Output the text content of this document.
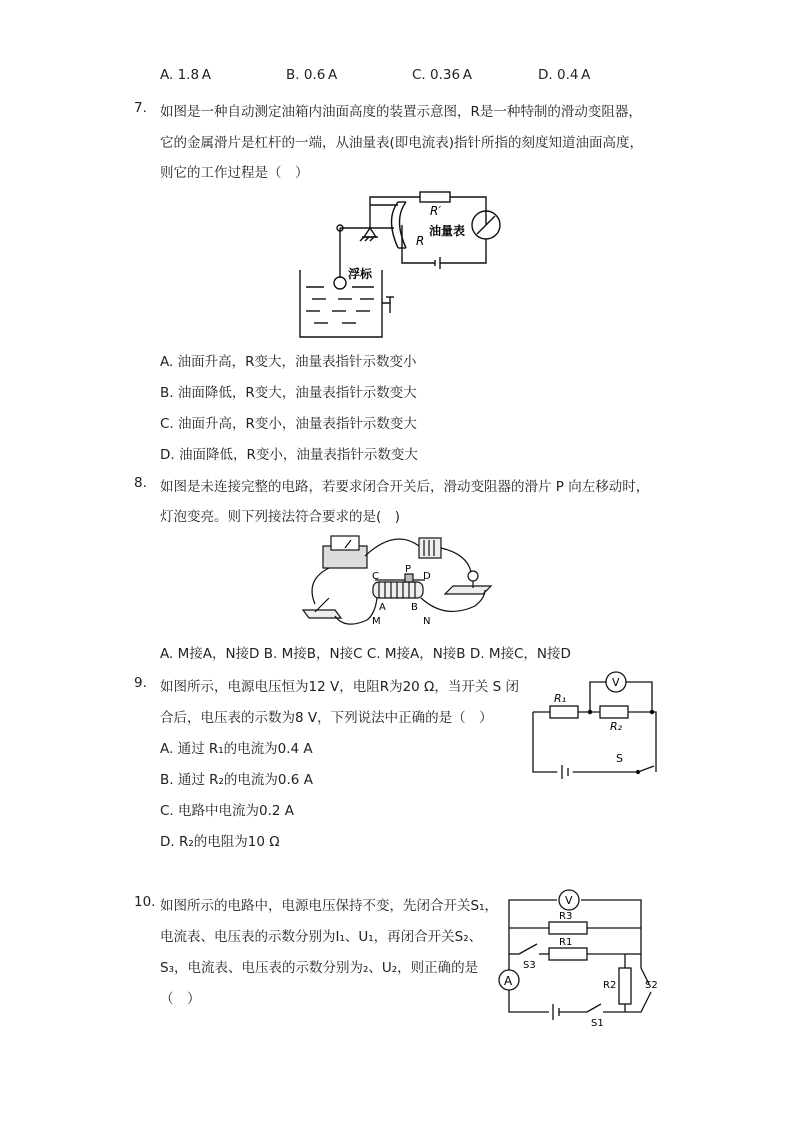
A. 1.8 A	B. 0.6 A	C. 0.36 A	D. 0.4 A
7. 如图是一种自动测定油箱内油面高度的装置示意图，R是一种特制的滑动变阻器，
它的金属滑片是杠杆的一端，从油量表(即电流表)指针所指的刻度知道油面高度，
则它的工作过程是（　）
R′
R
油量表
浮标
A. 油面升高，R变大，油量表指针示数变小
B. 油面降低，R变大，油量表指针示数变大
C. 油面升高，R变小，油量表指针示数变大
D. 油面降低，R变小，油量表指针示数变大
8. 如图是未连接完整的电路，若要求闭合开关后，滑动变阻器的滑片 P 向左移动时，
灯泡变亮。则下列接法符合要求的是(　)
C
P
D
A	B
M	N
A. M接A，N接D B. M接B，N接C C. M接A，N接B D. M接C，N接D
9. 如图所示，电源电压恒为12 V，电阻R为20 Ω，当开关 S 闭
合后，电压表的示数为8 V，下列说法中正确的是（　）
A. 通过 R₁的电流为0.4 A
B. 通过 R₂的电流为0.6 A
C. 电路中电流为0.2 A
D. R₂的电阻为10 Ω
V
R₁
R₂
S
10. 如图所示的电路中，电源电压保持不变，先闭合开关S₁，
电流表、电压表的示数分别为I₁、U₁，再闭合开关S₂、
S₃，电流表、电压表的示数分别为₂、U₂，则正确的是
（　）
V
R3
R1
S3
A	R2	S2
S1
